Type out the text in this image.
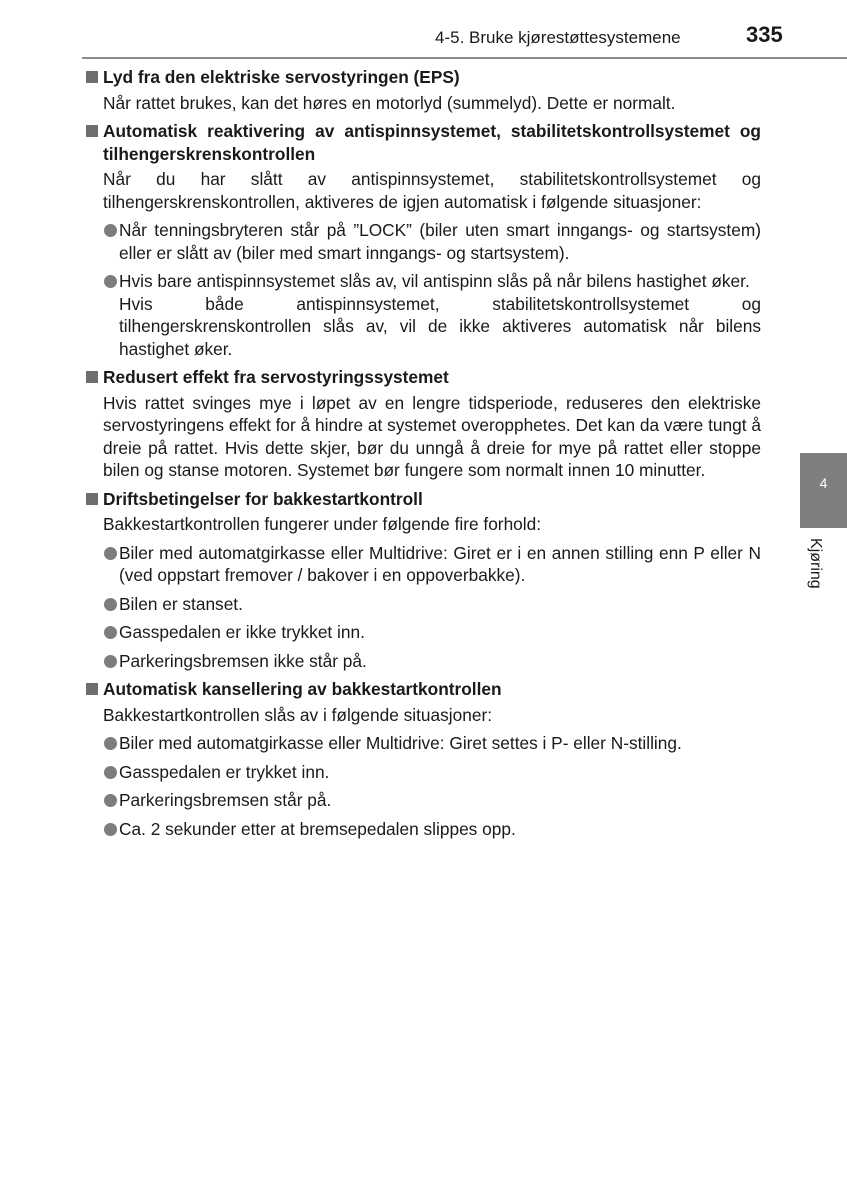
4-5. Bruke kjørestøttesystemene	335
4
Kjøring
Lyd fra den elektriske servostyringen (EPS)
Når rattet brukes, kan det høres en motorlyd (summelyd). Dette er normalt.
Automatisk reaktivering av antispinnsystemet, stabilitetskontrollsystemet og tilhengerskrenskontrollen
Når du har slått av antispinnsystemet, stabilitetskontrollsystemet og tilhengerskrenskontrollen, aktiveres de igjen automatisk i følgende situasjoner:
Når tenningsbryteren står på ”LOCK” (biler uten smart inngangs- og startsystem) eller er slått av (biler med smart inngangs- og startsystem).
Hvis bare antispinnsystemet slås av, vil antispinn slås på når bilens hastighet øker.
Hvis både antispinnsystemet, stabilitetskontrollsystemet og tilhengerskrenskontrollen slås av, vil de ikke aktiveres automatisk når bilens hastighet øker.
Redusert effekt fra servostyringssystemet
Hvis rattet svinges mye i løpet av en lengre tidsperiode, reduseres den elektriske servostyringens effekt for å hindre at systemet overopphetes. Det kan da være tungt å dreie på rattet. Hvis dette skjer, bør du unngå å dreie for mye på rattet eller stoppe bilen og stanse motoren. Systemet bør fungere som normalt innen 10 minutter.
Driftsbetingelser for bakkestartkontroll
Bakkestartkontrollen fungerer under følgende fire forhold:
Biler med automatgirkasse eller Multidrive: Giret er i en annen stilling enn P eller N (ved oppstart fremover / bakover i en oppoverbakke).
Bilen er stanset.
Gasspedalen er ikke trykket inn.
Parkeringsbremsen ikke står på.
Automatisk kansellering av bakkestartkontrollen
Bakkestartkontrollen slås av i følgende situasjoner:
Biler med automatgirkasse eller Multidrive: Giret settes i P- eller N-stilling.
Gasspedalen er trykket inn.
Parkeringsbremsen står på.
Ca. 2 sekunder etter at bremsepedalen slippes opp.
